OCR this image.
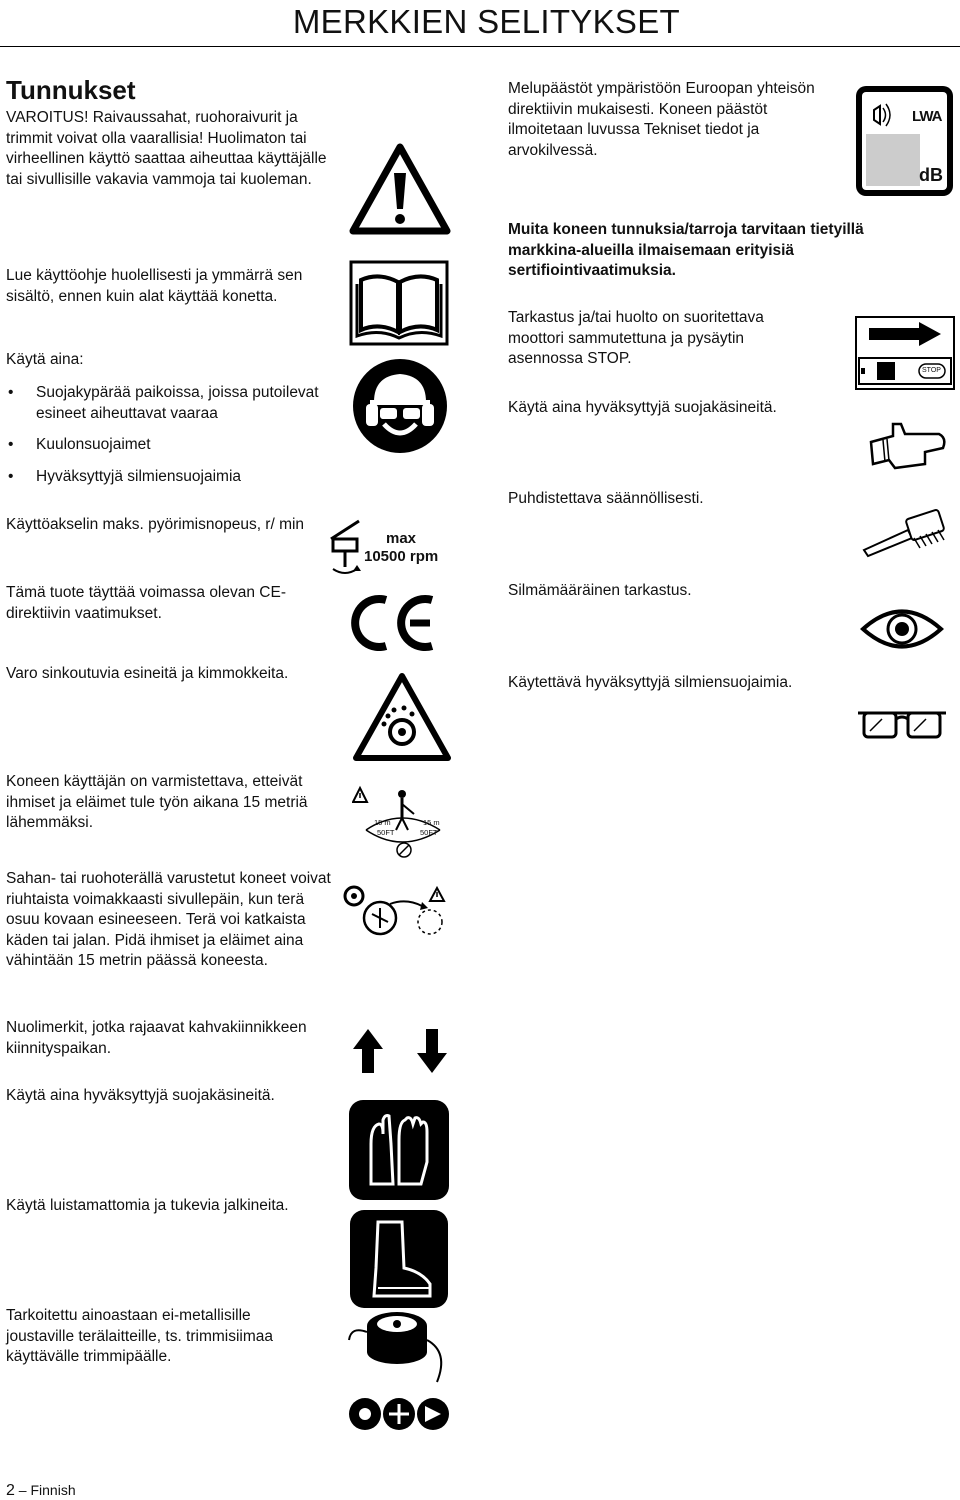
MERKKIEN SELITYKSET
Tunnukset
VAROITUS! Raivaussahat, ruohoraivurit ja trimmit voivat olla vaarallisia! Huolimaton tai virheellinen käyttö saattaa aiheuttaa käyttäjälle tai sivullisille vakavia vammoja tai kuoleman.
Lue käyttöohje huolellisesti ja ymmärrä sen sisältö, ennen kuin alat käyttää konetta.
Käytä aina:
• Suojakypärää paikoissa, joissa putoilevat esineet aiheuttavat vaaraa
• Kuulonsuojaimet
• Hyväksyttyjä silmiensuojaimia
Käyttöakselin maks. pyörimisnopeus, r/ min
Tämä tuote täyttää voimassa olevan CE-direktiivin vaatimukset.
Varo sinkoutuvia esineitä ja kimmokkeita.
Koneen käyttäjän on varmistettava, etteivät ihmiset ja eläimet tule työn aikana 15 metriä lähemmäksi.
Sahan- tai ruohoterällä varustetut koneet voivat riuhtaista voimakkaasti sivullepäin, kun terä osuu kovaan esineeseen. Terä voi katkaista käden tai jalan. Pidä ihmiset ja eläimet aina vähintään 15 metrin päässä koneesta.
Nuolimerkit, jotka rajaavat kahvakiinnikkeen kiinnityspaikan.
Käytä aina hyväksyttyjä suojakäsineitä.
Käytä luistamattomia ja tukevia jalkineita.
Tarkoitettu ainoastaan ei-metallisille joustaville terälaitteille, ts. trimmisiimaa käyttävälle trimmipäälle.
Melupäästöt ympäristöön Euroopan yhteisön direktiivin mukaisesti. Koneen päästöt ilmoitetaan luvussa Tekniset tiedot ja arvokilvessä.
Muita koneen tunnuksia/tarroja tarvitaan tietyillä markkina-alueilla ilmaisemaan erityisiä sertifiointivaatimuksia.
Tarkastus ja/tai huolto on suoritettava moottori sammutettuna ja pysäytin asennossa STOP.
Käytä aina hyväksyttyjä suojakäsineitä.
Puhdistettava säännöllisesti.
Silmämääräinen tarkastus.
Käytettävä hyväksyttyjä silmiensuojaimia.
max
10500 rpm
15 m
50FT
15 m
50FT
LWA
dB
STOP
2 – Finnish
